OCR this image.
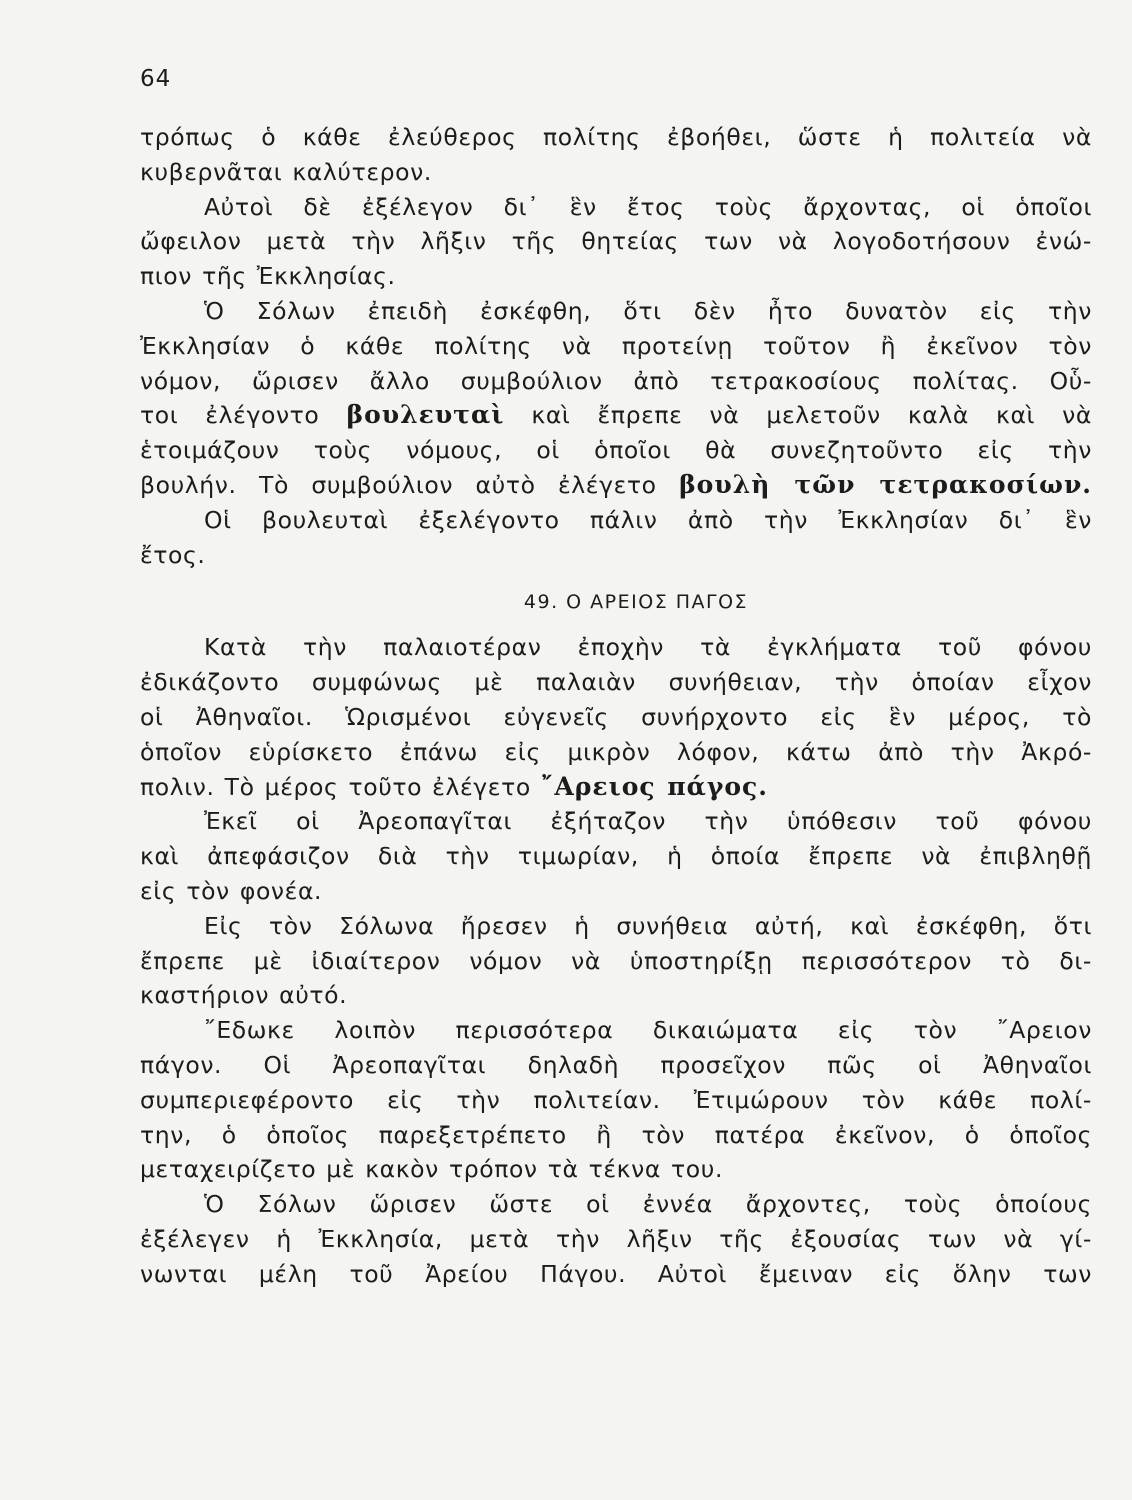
64
τρόπως ὁ κάθε ἐλεύθερος πολίτης ἐβοήθει, ὥστε ἡ πολιτεία νὰ
κυβερνᾶται καλύτερον.
Αὐτοὶ δὲ ἐξέλεγον δι᾽ ἓν ἔτος τοὺς ἄρχοντας, οἱ ὁποῖοι
ὤφειλον μετὰ τὴν λῆξιν τῆς θητείας των νὰ λογοδοτήσουν ἐνώ-
πιον τῆς Ἐκκλησίας.
Ὁ Σόλων ἐπειδὴ ἐσκέφθη, ὅτι δὲν ἦτο δυνατὸν εἰς τὴν
Ἐκκλησίαν ὁ κάθε πολίτης νὰ προτείνῃ τοῦτον ἢ ἐκεῖνον τὸν
νόμον, ὥρισεν ἄλλο συμβούλιον ἀπὸ τετρακοσίους πολίτας. Οὗ-
τοι ἐλέγοντο βουλευταὶ καὶ ἔπρεπε νὰ μελετοῦν καλὰ καὶ νὰ
ἑτοιμάζουν τοὺς νόμους, οἱ ὁποῖοι θὰ συνεζητοῦντο εἰς τὴν
βουλήν. Τὸ συμβούλιον αὐτὸ ἐλέγετο βουλὴ τῶν τετρακοσίων.
Οἱ βουλευταὶ ἐξελέγοντο πάλιν ἀπὸ τὴν Ἐκκλησίαν δι᾽ ἓν
ἔτος.
49. Ο ΑΡΕΙΟΣ ΠΑΓΟΣ
Κατὰ τὴν παλαιοτέραν ἐποχὴν τὰ ἐγκλήματα τοῦ φόνου
ἐδικάζοντο συμφώνως μὲ παλαιὰν συνήθειαν, τὴν ὁποίαν εἶχον
οἱ Ἀθηναῖοι. Ὡρισμένοι εὐγενεῖς συνήρχοντο εἰς ἓν μέρος, τὸ
ὁποῖον εὑρίσκετο ἐπάνω εἰς μικρὸν λόφον, κάτω ἀπὸ τὴν Ἀκρό-
πολιν. Τὸ μέρος τοῦτο ἐλέγετο ῎Αρειος πάγος.
Ἐκεῖ οἱ Ἀρεοπαγῖται ἐξήταζον τὴν ὑπόθεσιν τοῦ φόνου
καὶ ἀπεφάσιζον διὰ τὴν τιμωρίαν, ἡ ὁποία ἔπρεπε νὰ ἐπιβληθῇ
εἰς τὸν φονέα.
Εἰς τὸν Σόλωνα ἤρεσεν ἡ συνήθεια αὐτή, καὶ ἐσκέφθη, ὅτι
ἔπρεπε μὲ ἰδιαίτερον νόμον νὰ ὑποστηρίξῃ περισσότερον τὸ δι-
καστήριον αὐτό.
῎Εδωκε λοιπὸν περισσότερα δικαιώματα εἰς τὸν ῎Αρειον
πάγον. Οἱ Ἀρεοπαγῖται δηλαδὴ προσεῖχον πῶς οἱ Ἀθηναῖοι
συμπεριεφέροντο εἰς τὴν πολιτείαν. Ἐτιμώρουν τὸν κάθε πολί-
την, ὁ ὁποῖος παρεξετρέπετο ἢ τὸν πατέρα ἐκεῖνον, ὁ ὁποῖος
μεταχειρίζετο μὲ κακὸν τρόπον τὰ τέκνα του.
Ὁ Σόλων ὥρισεν ὥστε οἱ ἐννέα ἄρχοντες, τοὺς ὁποίους
ἐξέλεγεν ἡ Ἐκκλησία, μετὰ τὴν λῆξιν τῆς ἐξουσίας των νὰ γί-
νωνται μέλη τοῦ Ἀρείου Πάγου. Αὐτοὶ ἔμειναν εἰς ὅλην των
